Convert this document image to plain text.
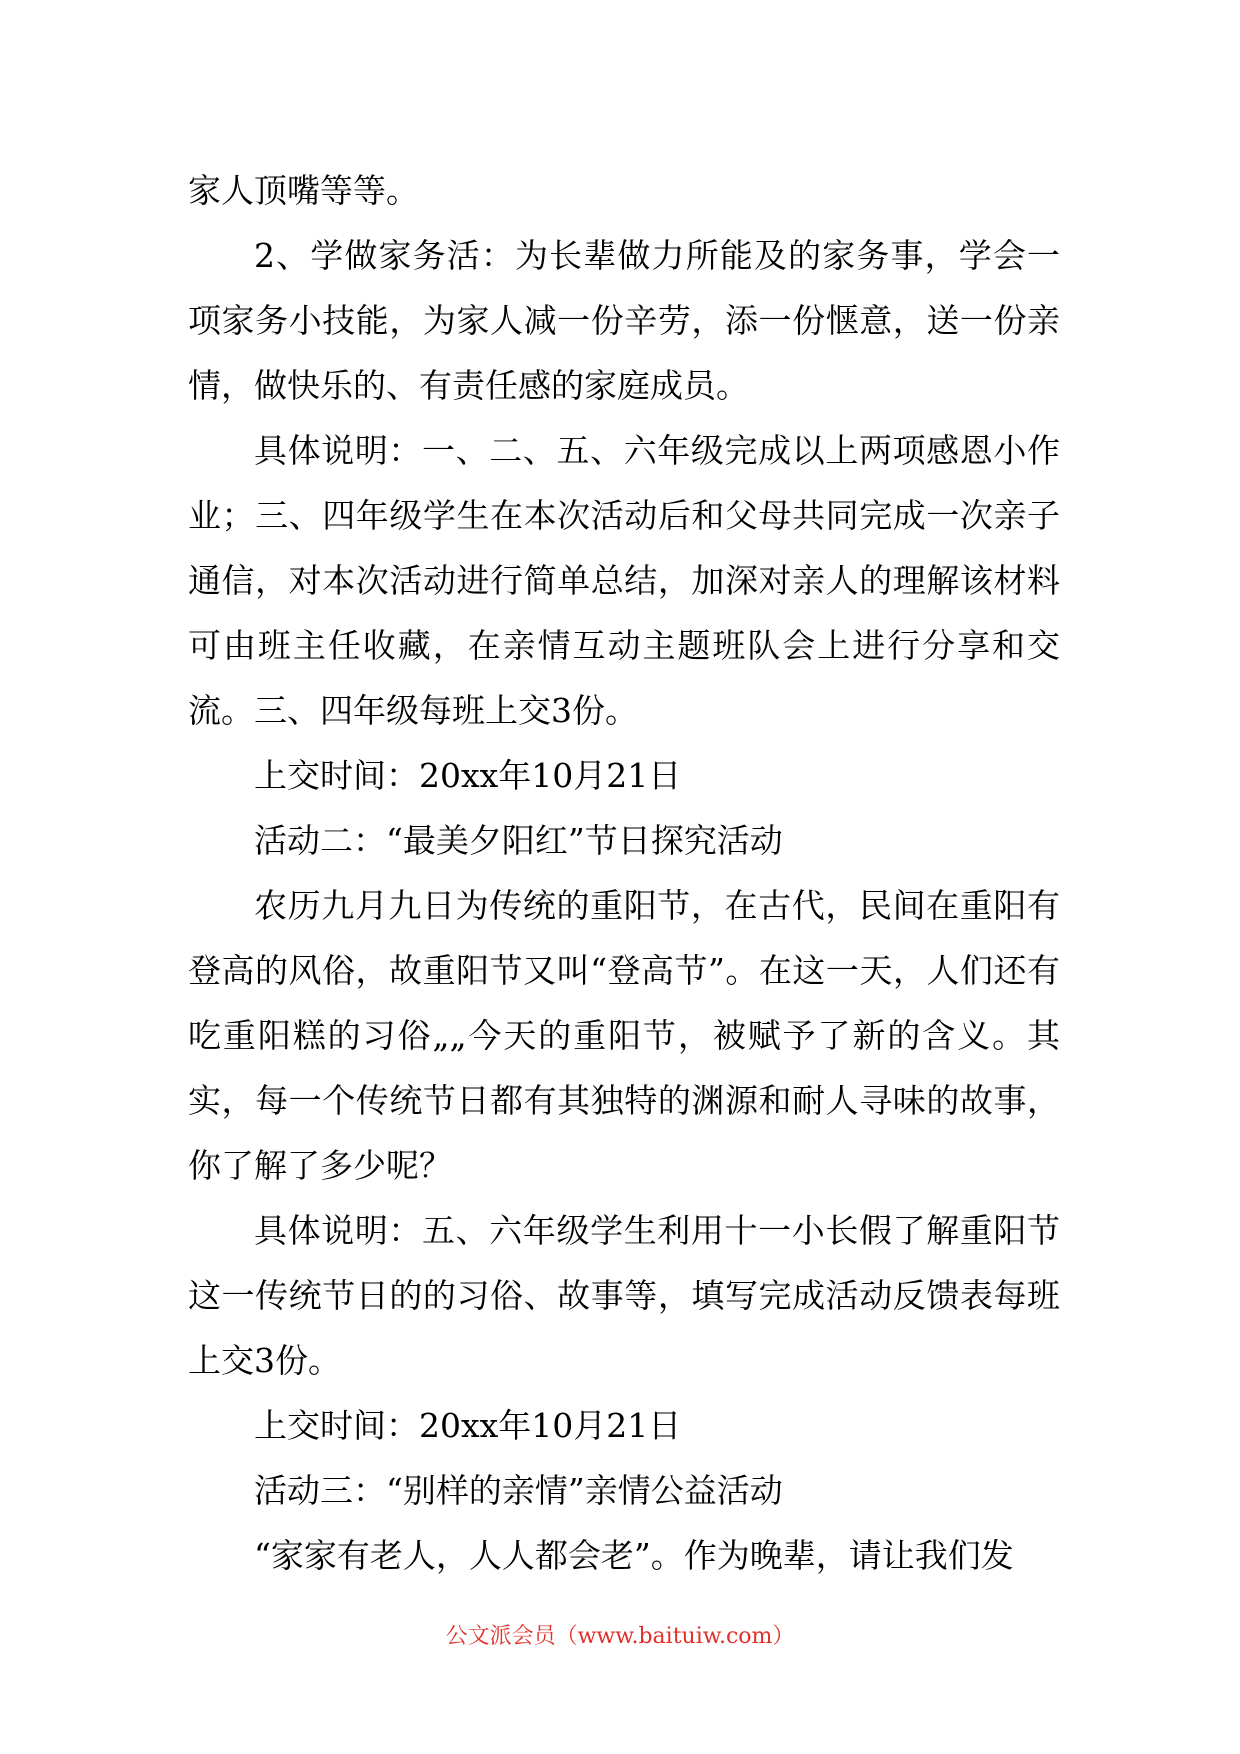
家人顶嘴等等。

2、学做家务活：为长辈做力所能及的家务事，学会一项家务小技能，为家人减一份辛劳，添一份惬意，送一份亲情，做快乐的、有责任感的家庭成员。

具体说明：一、二、五、六年级完成以上两项感恩小作业；三、四年级学生在本次活动后和父母共同完成一次亲子通信，对本次活动进行简单总结，加深对亲人的理解该材料可由班主任收藏，在亲情互动主题班队会上进行分享和交流。三、四年级每班上交3份。

上交时间：20xx年10月21日

活动二：“最美夕阳红”节日探究活动

农历九月九日为传统的重阳节，在古代，民间在重阳有登高的风俗，故重阳节又叫“登高节”。在这一天，人们还有吃重阳糕的习俗„„今天的重阳节，被赋予了新的含义。其实，每一个传统节日都有其独特的渊源和耐人寻味的故事，你了解了多少呢？

具体说明：五、六年级学生利用十一小长假了解重阳节这一传统节日的的习俗、故事等，填写完成活动反馈表每班上交3份。

上交时间：20xx年10月21日

活动三：“别样的亲情”亲情公益活动

“家家有老人，人人都会老”。作为晚辈，请让我们发

公文派会员（www.baituiw.com）
